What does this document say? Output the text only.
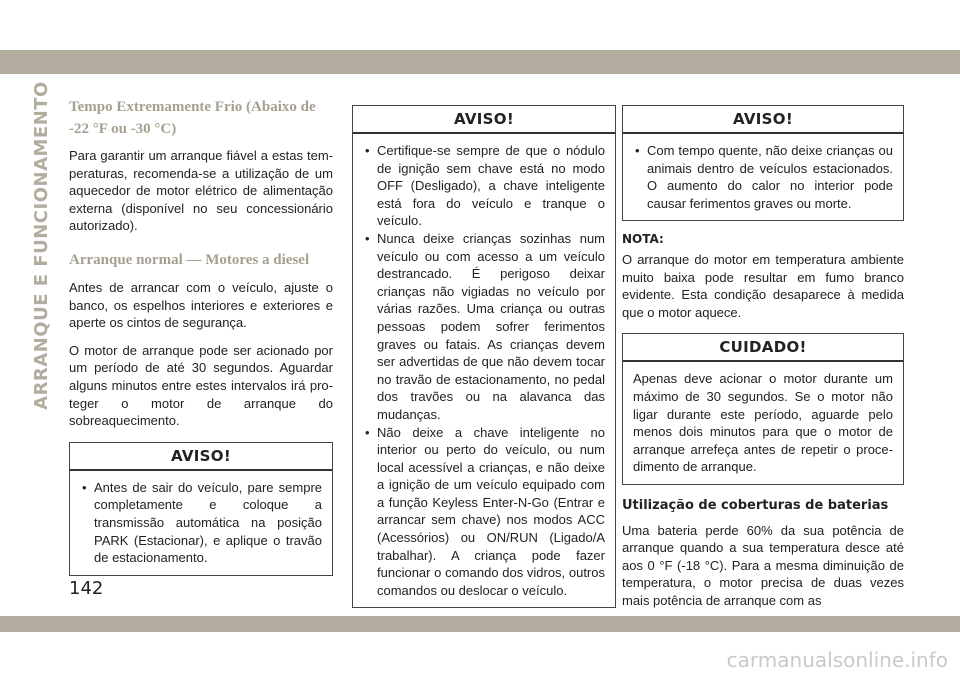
ARRANQUE E FUNCIONAMENTO Tempo Extremamente Frio (Abaixo de -22 °F ou -30 °C)

Para garantir um arranque fiável a estas temperaturas, recomenda-se a utilização de um aquecedor de motor elétrico de alimentação externa (disponível no seu concessionário autorizado).

Arranque normal — Motores a diesel

Antes de arrancar com o veículo, ajuste o banco, os espelhos interiores e exteriores e aperte os cintos de segurança.

O motor de arranque pode ser acionado por um período de até 30 segundos. Aguardar alguns minutos entre estes intervalos irá proteger o motor de arranque do sobreaquecimento.

AVISO!
• Antes de sair do veículo, pare sempre completamente e coloque a transmissão automática na posição PARK (Estacionar), e aplique o travão de estacionamento.
AVISO!
• Certifique-se sempre de que o nódulo de ignição sem chave está no modo OFF (Desligado), a chave inteligente está fora do veículo e tranque o veículo.
• Nunca deixe crianças sozinhas num veículo ou com acesso a um veículo destrancado. É perigoso deixar crianças não vigiadas no veículo por várias razões. Uma criança ou outras pessoas podem sofrer ferimentos graves ou fatais. As crianças devem ser advertidas de que não devem tocar no travão de estacionamento, no pedal dos travões ou na alavanca das mudanças.
• Não deixe a chave inteligente no interior ou perto do veículo, ou num local acessível a crianças, e não deixe a ignição de um veículo equipado com a função Keyless Enter-N-Go (Entrar e arrancar sem chave) nos modos ACC (Acessórios) ou ON/RUN (Ligado/A trabalhar). A criança pode fazer funcionar o comando dos vidros, outros comandos ou deslocar o veículo.
AVISO!
• Com tempo quente, não deixe crianças ou animais dentro de veículos estacionados. O aumento do calor no interior pode causar ferimentos graves ou morte.
NOTA:

O arranque do motor em temperatura ambiente muito baixa pode resultar em fumo branco evidente. Esta condição desaparece à medida que o motor aquece.

CUIDADO!

Apenas deve acionar o motor durante um máximo de 30 segundos. Se o motor não ligar durante este período, aguarde pelo menos dois minutos para que o motor de arranque arrefeça antes de repetir o procedimento de arranque.

Utilização de coberturas de baterias

Uma bateria perde 60% da sua potência de arranque quando a sua temperatura desce até aos 0 °F (-18 °C). Para a mesma diminuição de temperatura, o motor precisa de duas vezes mais potência de arranque com as

142
carmanualsonline.info
